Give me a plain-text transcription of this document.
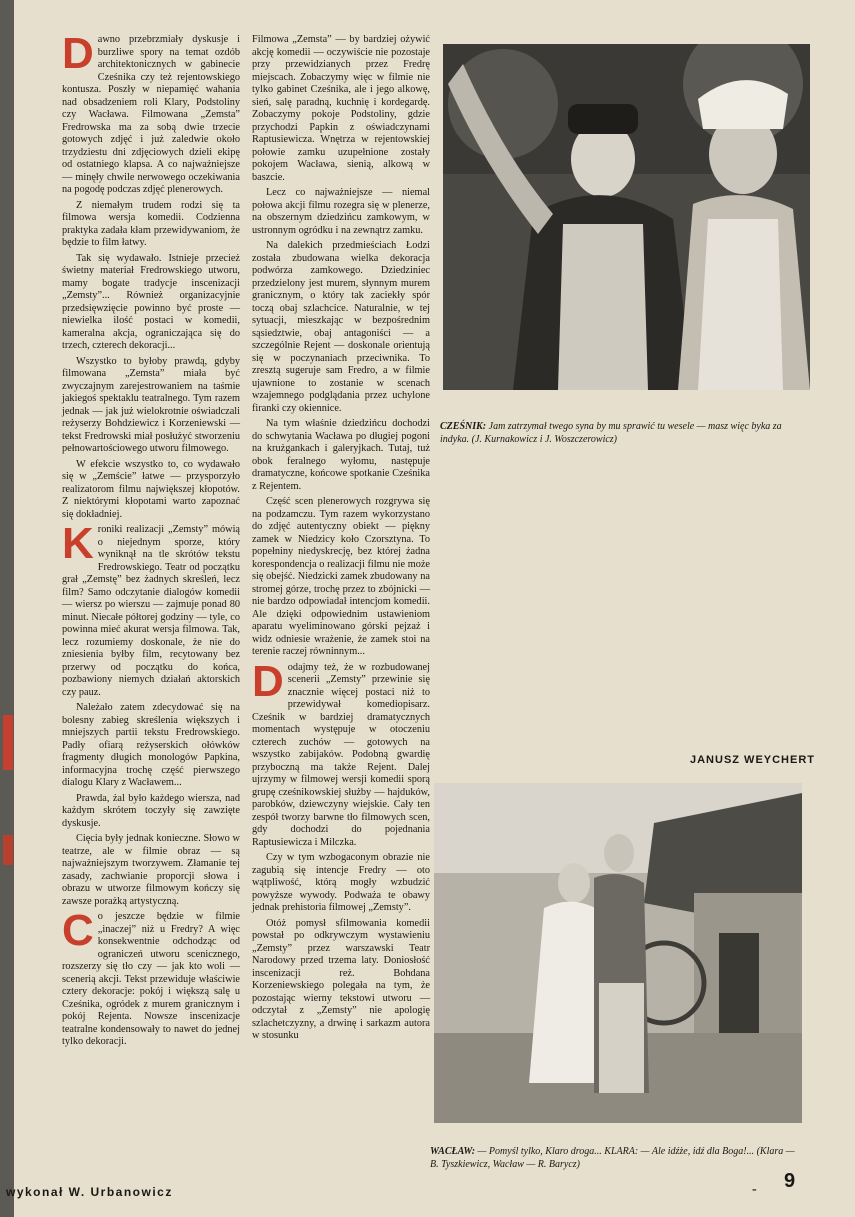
Dawno przebrzmiały dyskusje i burzliwe spory na temat ozdób architektonicznych w gabinecie Cześnika czy też rejentowskiego kontusza. Poszły w niepamięć wahania nad obsadzeniem roli Klary, Podstoliny czy Wacława. Filmowana „Zemsta” Fredrowska ma za sobą dwie trzecie gotowych zdjęć i już zaledwie około trzydziestu dni zdjęciowych dzieli ekipę od ostatniego klapsa. A co najważniejsze — minęły chwile nerwowego oczekiwania na pogodę podczas zdjęć plenerowych.

Z niemałym trudem rodzi się ta filmowa wersja komedii. Codzienna praktyka zadała kłam przewidywaniom, że będzie to film łatwy.

Tak się wydawało. Istnieje przecież świetny materiał Fredrowskiego utworu, mamy bogate tradycje inscenizacji „Zemsty”... Również organizacyjnie przedsięwzięcie powinno być proste — niewielka ilość postaci w komedii, kameralna akcja, ograniczająca się do trzech, czterech dekoracji...

Wszystko to byłoby prawdą, gdyby filmowana „Zemsta” miała być zwyczajnym zarejestrowaniem na taśmie jakiegoś spektaklu teatralnego. Tym razem jednak — jak już wielokrotnie oświadczali reżyserzy Bohdziewicz i Korzeniewski — tekst Fredrowski miał posłużyć stworzeniu pełnowartościowego utworu filmowego.

W efekcie wszystko to, co wydawało się w „Zemście” łatwe — przysporzyło realizatorom filmu największej kłopotów. Z niektórymi kłopotami warto zapoznać się dokładniej.

Kroniki realizacji „Zemsty” mówią o niejednym sporze, który wyniknął na tle skrótów tekstu Fredrowskiego. Teatr od początku grał „Zemstę” bez żadnych skreśleń, lecz film? Samo odczytanie dialogów komedii — wiersz po wierszu — zajmuje ponad 80 minut. Niecałe półtorej godziny — tyle, co powinna mieć akurat wersja filmowa. Tak, lecz rozumiemy doskonale, że nie do zniesienia byłby film, recytowany bez przerwy od początku do końca, pozbawiony niemych działań aktorskich czy pauz.

Należało zatem zdecydować się na bolesny zabieg skreślenia większych i mniejszych partii tekstu Fredrowskiego. Padły ofiarą reżyserskich ołówków fragmenty długich monologów Papkina, informacyjna trochę część pierwszego dialogu Klary z Wacławem...

Prawda, żal było każdego wiersza, nad każdym skrótem toczyły się zawzięte dyskusje.

Cięcia były jednak konieczne. Słowo w teatrze, ale w filmie obraz — są najważniejszym tworzywem. Złamanie tej zasady, zachwianie proporcji słowa i obrazu w utworze filmowym kończy się zawsze porażką artystyczną.

Co jeszcze będzie w filmie „inaczej” niż u Fredry? A więc konsekwentnie odchodząc od ograniczeń utworu scenicznego, rozszerzy się tło czy — jak kto woli — scenerią akcji. Tekst przewiduje właściwie cztery dekoracje: pokój i większą salę u Cześnika, ogródek z murem granicznym i pokój Rejenta. Nowsze inscenizacje teatralne kondensowały to nawet do jednej tylko dekoracji.

Filmowa „Zemsta” — by bardziej ożywić akcję komedii — oczywiście nie pozostaje przy przewidzianych przez Fredrę miejscach. Zobaczymy więc w filmie nie tylko gabinet Cześnika, ale i jego alkowę, sień, salę paradną, kuchnię i kordegardę. Zobaczymy pokoje Podstoliny, gdzie przychodzi Papkin z oświadczynami Raptusiewicza. Wnętrza w rejentowskiej połowie zamku uzupełnione zostały pokojem Wacława, sienią, alkową w baszcie.

Lecz co najważniejsze — niemal połowa akcji filmu rozegra się w plenerze, na obszernym dziedzińcu zamkowym, w ustronnym ogródku i na zewnątrz zamku.

Na dalekich przedmieściach Łodzi została zbudowana wielka dekoracja podwórza zamkowego. Dziedziniec przedzielony jest murem, słynnym murem granicznym, o który tak zaciekły spór toczą obaj szlachcice. Naturalnie, w tej sytuacji, mieszkając w bezpośrednim sąsiedztwie, obaj antagoniści — a szczególnie Rejent — doskonale orientują się w poczynaniach przeciwnika. To zresztą sugeruje sam Fredro, a w filmie ujawnione to zostanie w scenach wzajemnego podglądania przez uchylone firanki czy okiennice.

Na tym właśnie dziedzińcu dochodzi do schwytania Wacława po długiej pogoni na krużgankach i galeryjkach. Tutaj, tuż obok feralnego wyłomu, następuje dramatyczne, końcowe spotkanie Cześnika z Rejentem.

Część scen plenerowych rozgrywa się na podzamczu. Tym razem wykorzystano do zdjęć autentyczny obiekt — piękny zamek w Niedzicy koło Czorsztyna. To popełniny niedyskrecję, bez której żadna korespondencja o realizacji filmu nie może się obejść. Niedzicki zamek zbudowany na stromej górze, trochę przez to zbójnicki — nie bardzo odpowiadał intencjom komedii. Ale dzięki odpowiednim ustawieniom aparatu wyeliminowano górski pejzaż i widz odniesie wrażenie, że zamek stoi na terenie raczej równinnym...

Dodajmy też, że w rozbudowanej scenerii „Zemsty” przewinie się znacznie więcej postaci niż to przewidywał komediopisarz. Cześnik w bardziej dramatycznych momentach występuje w otoczeniu czterech zuchów — gotowych na wszystko zabijaków. Podobną gwardię przyboczną ma także Rejent. Dalej ujrzymy w filmowej wersji komedii sporą grupę cześnikowskiej służby — hajduków, parobków, dziewczyny wiejskie. Cały ten zespół tworzy barwne tło filmowych scen, gdy dochodzi do pojednania Raptusiewicza i Milczka.

Czy w tym wzbogaconym obrazie nie zagubią się intencje Fredry — oto wątpliwość, którą mogły wzbudzić powyższe wywody. Podważa te obawy jednak prehistoria filmowej „Zemsty”.

Otóż pomysł sfilmowania komedii powstał po odkrywczym wystawieniu „Zemsty” przez warszawski Teatr Narodowy przed trzema laty. Doniosłość inscenizacji reż. Bohdana Korzeniewskiego polegała na tym, że pozostając wierny tekstowi utworu — odczytał z „Zemsty” nie apologię szlachetczyzny, a drwinę i sarkazm autora w stosunku

CZEŚNIK: Jam zatrzymał twego syna by mu sprawić tu wesele — masz więc byka za indyka. (J. Kurnakowicz i J. Woszczerowicz)

JANUSZ WEYCHERT
WACŁAW: — Pomyśl tylko, Klaro droga... KLARA: — Ale idźże, idź dla Boga!... (Klara — B. Tyszkiewicz, Wacław — R. Barycz)
wykonał W. Urbanowicz	- 9
